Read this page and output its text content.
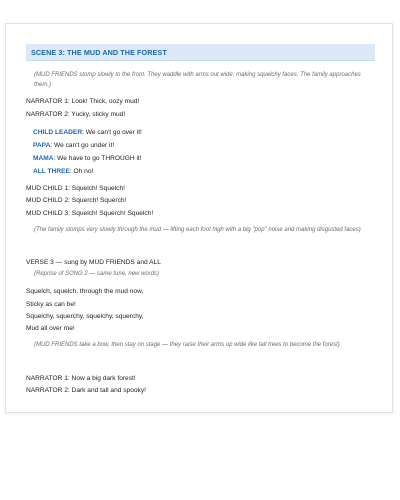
SCENE 3: THE MUD AND THE FOREST
(MUD FRIENDS stomp slowly to the front. They waddle with arms out wide, making squelchy faces. The family approaches them.)
NARRATOR 1: Look! Thick, oozy mud!
NARRATOR 2: Yucky, sticky mud!
CHILD LEADER: We can't go over it!
PAPA: We can't go under it!
MAMA: We have to go THROUGH it!
ALL THREE: Oh no!
MUD CHILD 1: Squelch! Squelch!
MUD CHILD 2: Squerch! Squerch!
MUD CHILD 3: Squelch! Squerch! Squelch!
(The family stomps very slowly through the mud — lifting each foot high with a big "pop" noise and making disgusted faces)
VERSE 3 — sung by MUD FRIENDS and ALL
(Reprise of SONG 2 — same tune, new words)
Squelch, squelch, through the mud now,
Sticky as can be!
Squelchy, squerchy, squelchy, squerchy,
Mud all over me!
(MUD FRIENDS take a bow, then stay on stage — they raise their arms up wide like tall trees to become the forest)
NARRATOR 1: Now a big dark forest!
NARRATOR 2: Dark and tall and spooky!
